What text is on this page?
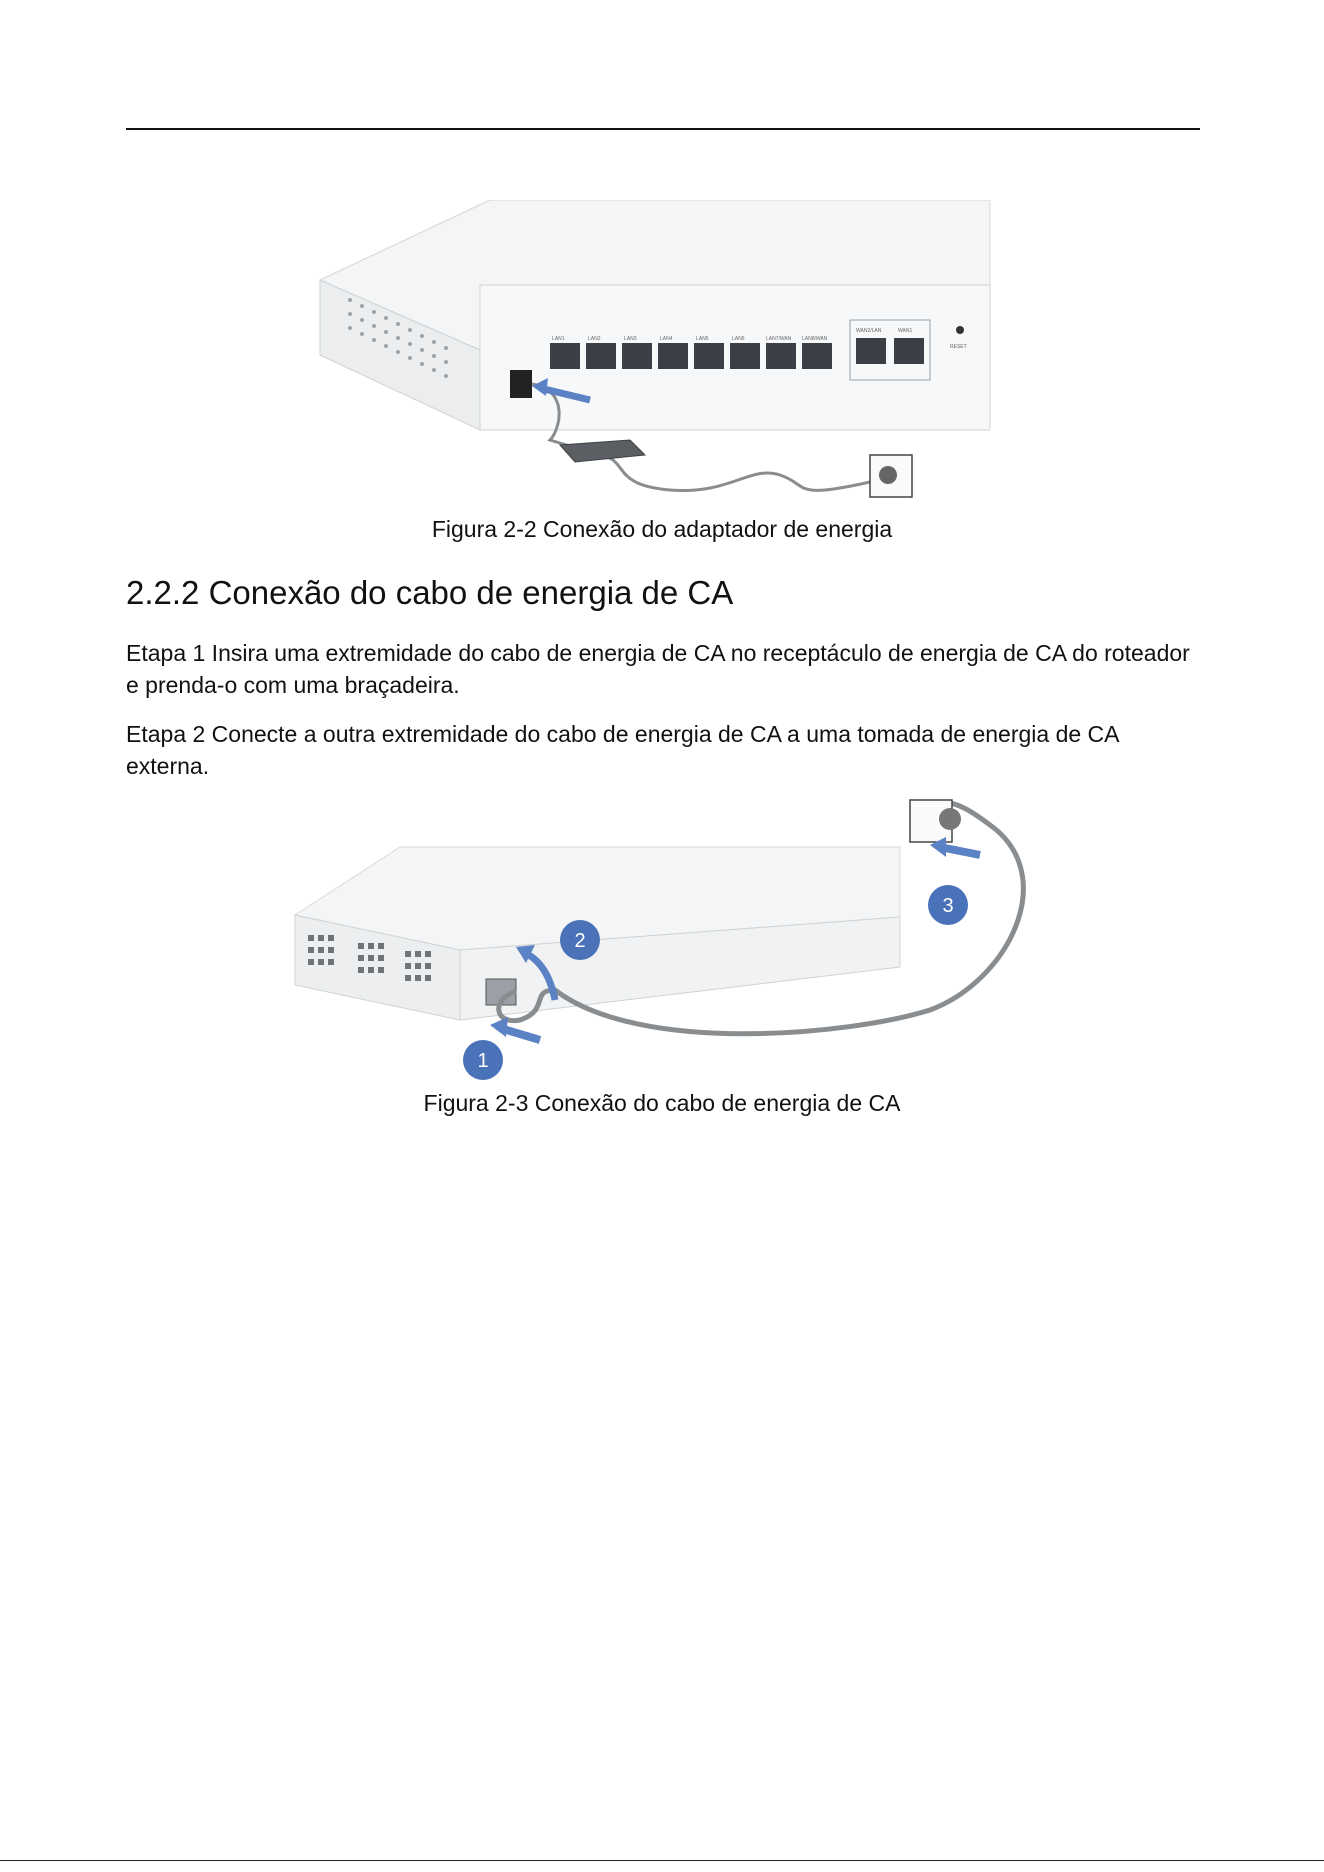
LAN1	LAN2	LAN3	LAN4	LAN5	LAN6	LAN7/WAN LAN8/WAN
WAN2/LAN	WAN1
RESET
Figura 2-2 Conexão do adaptador de energia
2.2.2 Conexão do cabo de energia de CA

Etapa 1 Insira uma extremidade do cabo de energia de CA no receptáculo de energia de CA do roteador e prenda-o com uma braçadeira.

Etapa 2 Conecte a outra extremidade do cabo de energia de CA a uma tomada de energia de CA externa.

1
2
3
Figura 2-3 Conexão do cabo de energia de CA
